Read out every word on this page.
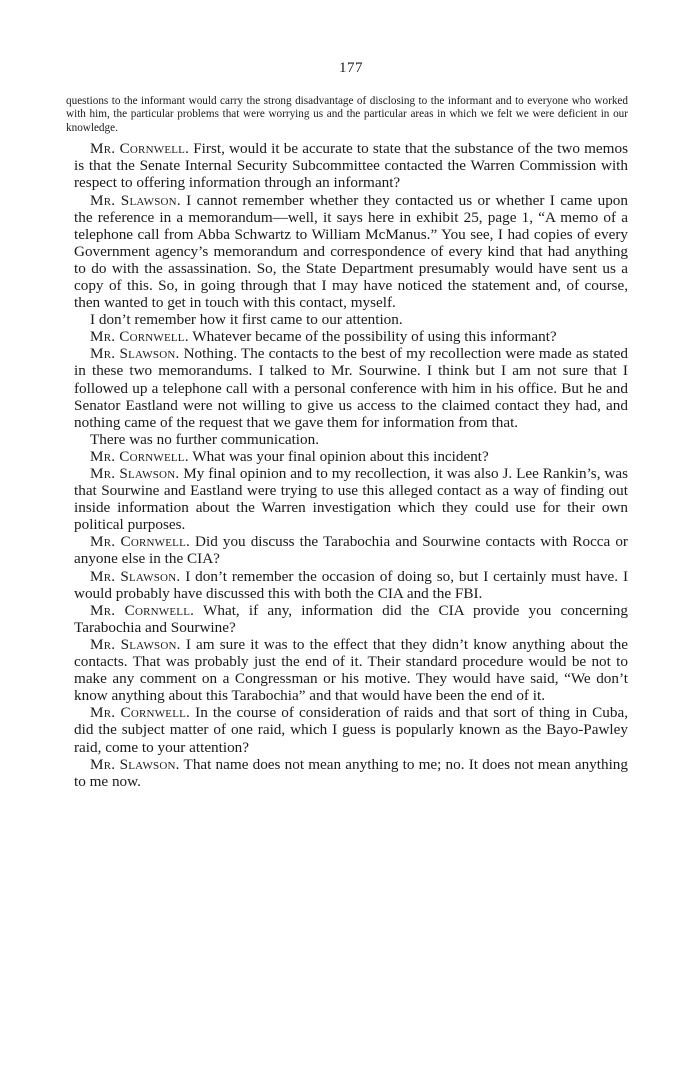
177

questions to the informant would carry the strong disadvantage of disclosing to the informant and to everyone who worked with him, the particular problems that were worrying us and the particular areas in which we felt we were deficient in our knowledge.

Mr. Cornwell. First, would it be accurate to state that the substance of the two memos is that the Senate Internal Security Subcommittee contacted the Warren Commission with respect to offering information through an informant?

Mr. Slawson. I cannot remember whether they contacted us or whether I came upon the reference in a memorandum—well, it says here in exhibit 25, page 1, “A memo of a telephone call from Abba Schwartz to William McManus.” You see, I had copies of every Government agency’s memorandum and correspondence of every kind that had anything to do with the assassination. So, the State Department presumably would have sent us a copy of this. So, in going through that I may have noticed the statement and, of course, then wanted to get in touch with this contact, myself.

I don’t remember how it first came to our attention.

Mr. Cornwell. Whatever became of the possibility of using this informant?

Mr. Slawson. Nothing. The contacts to the best of my recollection were made as stated in these two memorandums. I talked to Mr. Sourwine. I think but I am not sure that I followed up a telephone call with a personal conference with him in his office. But he and Senator Eastland were not willing to give us access to the claimed contact they had, and nothing came of the request that we gave them for information from that.

There was no further communication.

Mr. Cornwell. What was your final opinion about this incident?

Mr. Slawson. My final opinion and to my recollection, it was also J. Lee Rankin’s, was that Sourwine and Eastland were trying to use this alleged contact as a way of finding out inside information about the Warren investigation which they could use for their own political purposes.

Mr. Cornwell. Did you discuss the Tarabochia and Sourwine contacts with Rocca or anyone else in the CIA?

Mr. Slawson. I don’t remember the occasion of doing so, but I certainly must have. I would probably have discussed this with both the CIA and the FBI.

Mr. Cornwell. What, if any, information did the CIA provide you concerning Tarabochia and Sourwine?

Mr. Slawson. I am sure it was to the effect that they didn’t know anything about the contacts. That was probably just the end of it. Their standard procedure would be not to make any comment on a Congressman or his motive. They would have said, “We don’t know anything about this Tarabochia” and that would have been the end of it.

Mr. Cornwell. In the course of consideration of raids and that sort of thing in Cuba, did the subject matter of one raid, which I guess is popularly known as the Bayo-Pawley raid, come to your attention?

Mr. Slawson. That name does not mean anything to me; no. It does not mean anything to me now.
